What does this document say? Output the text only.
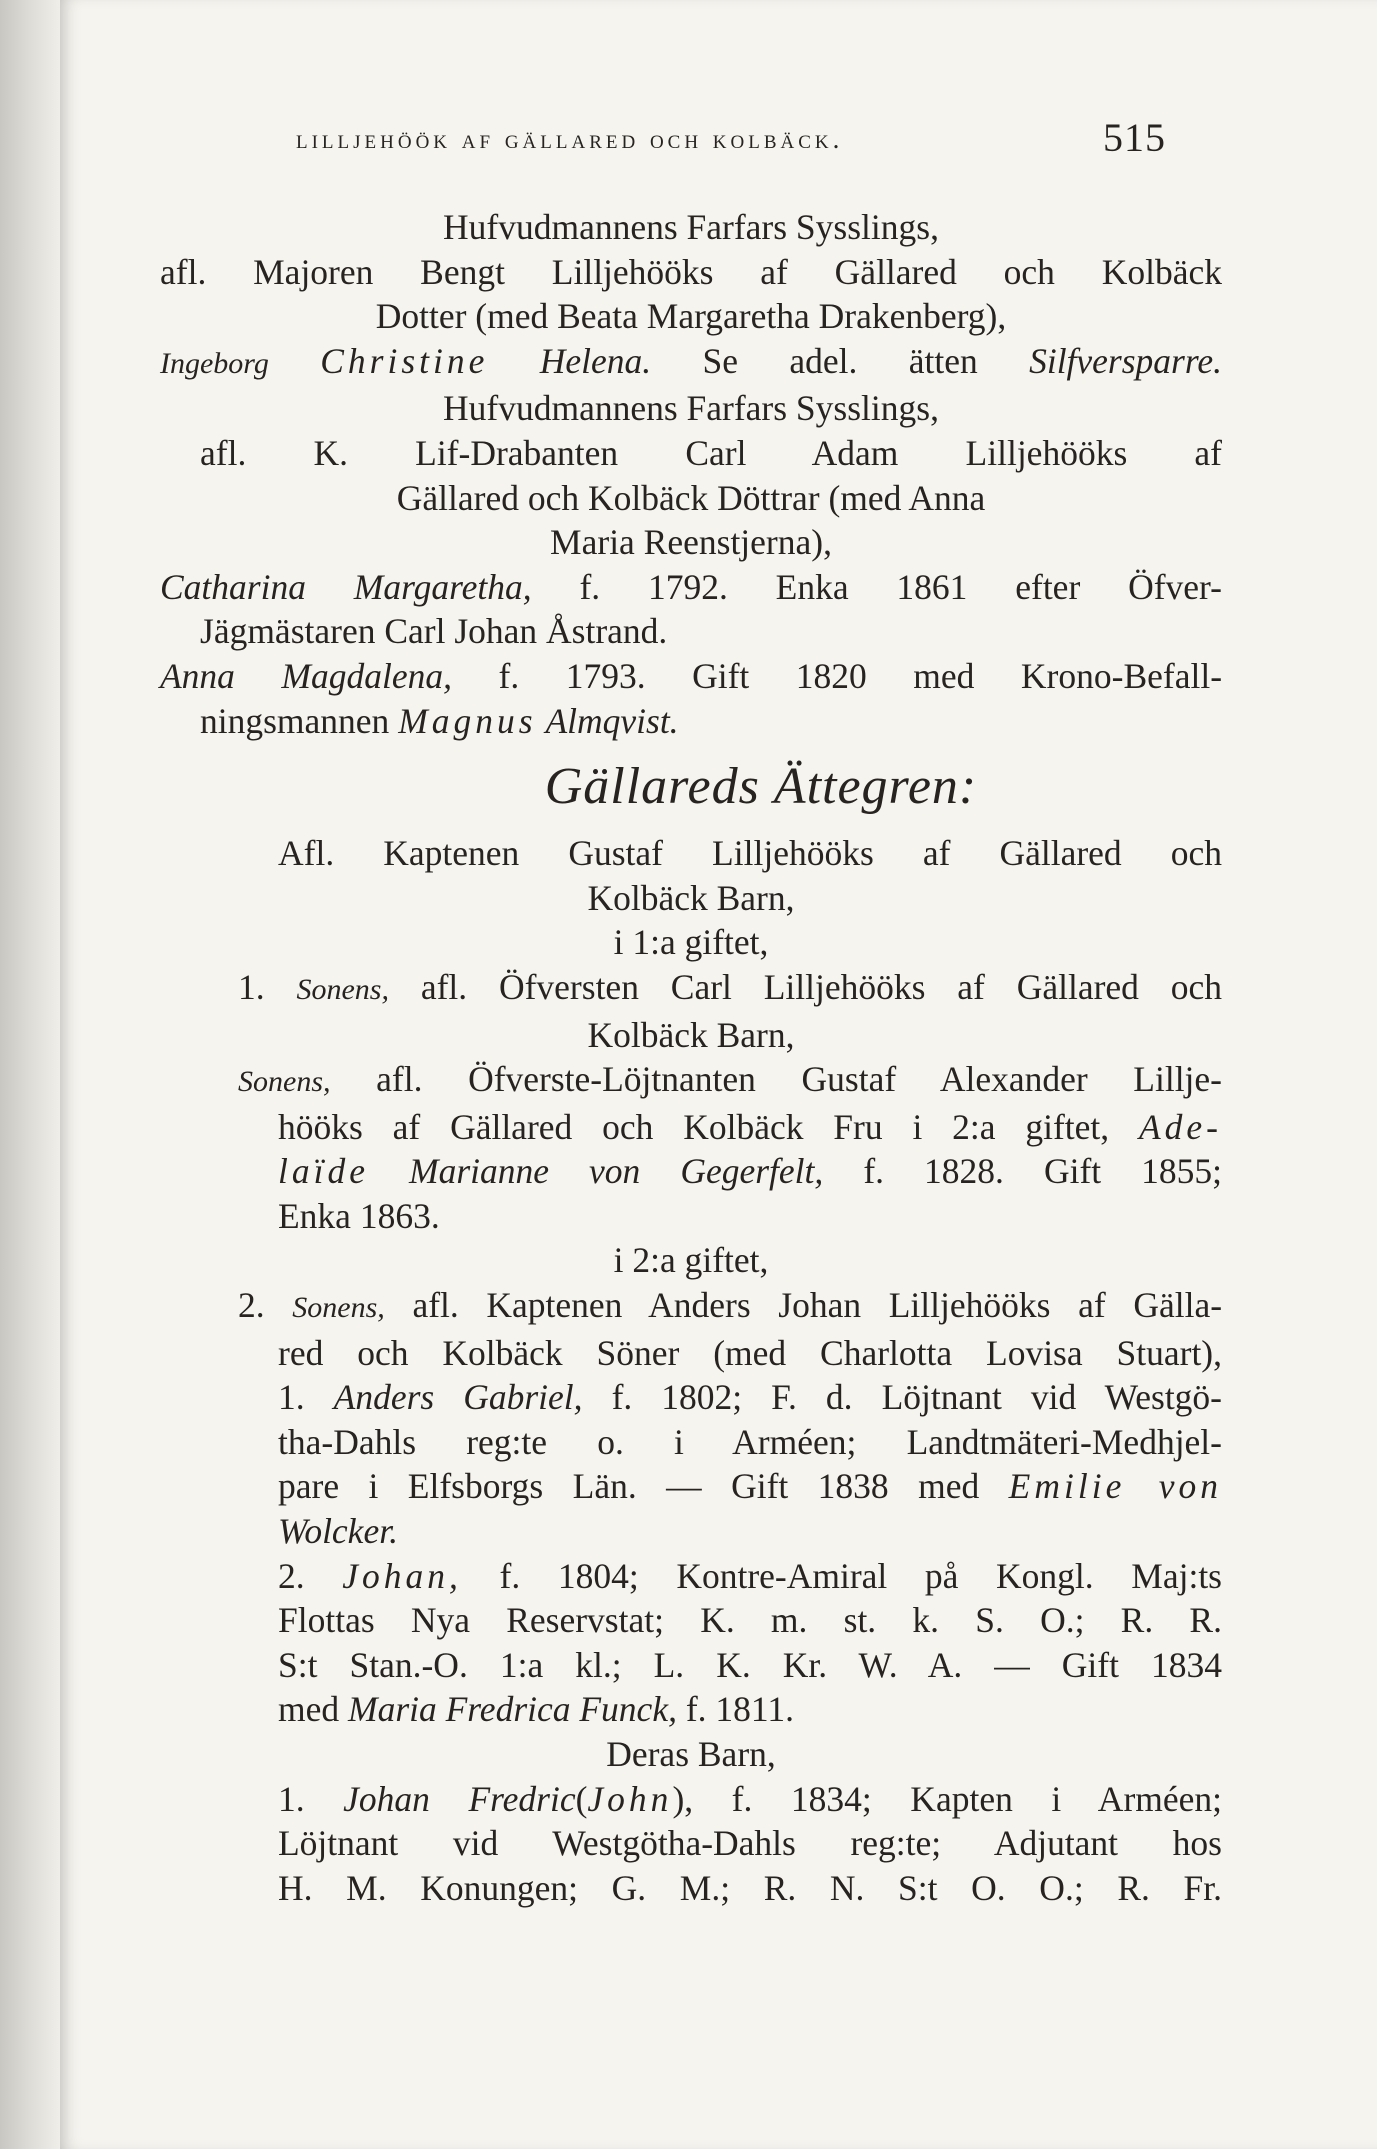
lilljehöök af gällared och kolbäck.	515
Hufvudmannens Farfars Sysslings,
afl. Majoren Bengt Lilljehööks af Gällared och Kolbäck
Dotter (med Beata Margaretha Drakenberg),
Ingeborg Christine Helena. Se adel. ätten Silfversparre.
Hufvudmannens Farfars Sysslings,
afl. K. Lif-Drabanten Carl Adam Lilljehööks af
Gällared och Kolbäck Döttrar (med Anna
Maria Reenstjerna),
Catharina Margaretha, f. 1792. Enka 1861 efter Öfver-
Jägmästaren Carl Johan Åstrand.
Anna Magdalena, f. 1793. Gift 1820 med Krono-Befall-
ningsmannen Magnus Almqvist.
Gällareds Ättegren:
Afl. Kaptenen Gustaf Lilljehööks af Gällared och
Kolbäck Barn,
i 1:a giftet,
1. Sonens, afl. Öfversten Carl Lilljehööks af Gällared och
Kolbäck Barn,
Sonens, afl. Öfverste-Löjtnanten Gustaf Alexander Lillje-
hööks af Gällared och Kolbäck Fru i 2:a giftet, Ade-
laïde Marianne von Gegerfelt, f. 1828. Gift 1855;
Enka 1863.
i 2:a giftet,
2. Sonens, afl. Kaptenen Anders Johan Lilljehööks af Gälla-
red och Kolbäck Söner (med Charlotta Lovisa Stuart),
1. Anders Gabriel, f. 1802; F. d. Löjtnant vid Westgö-
tha-Dahls reg:te o. i Arméen; Landtmäteri-Medhjel-
pare i Elfsborgs Län. — Gift 1838 med Emilie von
Wolcker.
2. Johan, f. 1804; Kontre-Amiral på Kongl. Maj:ts
Flottas Nya Reservstat; K. m. st. k. S. O.; R. R.
S:t Stan.-O. 1:a kl.; L. K. Kr. W. A. — Gift 1834
med Maria Fredrica Funck, f. 1811.
Deras Barn,
1. Johan Fredric(John), f. 1834; Kapten i Arméen;
Löjtnant vid Westgötha-Dahls reg:te; Adjutant hos
H. M. Konungen; G. M.; R. N. S:t O. O.; R. Fr.
